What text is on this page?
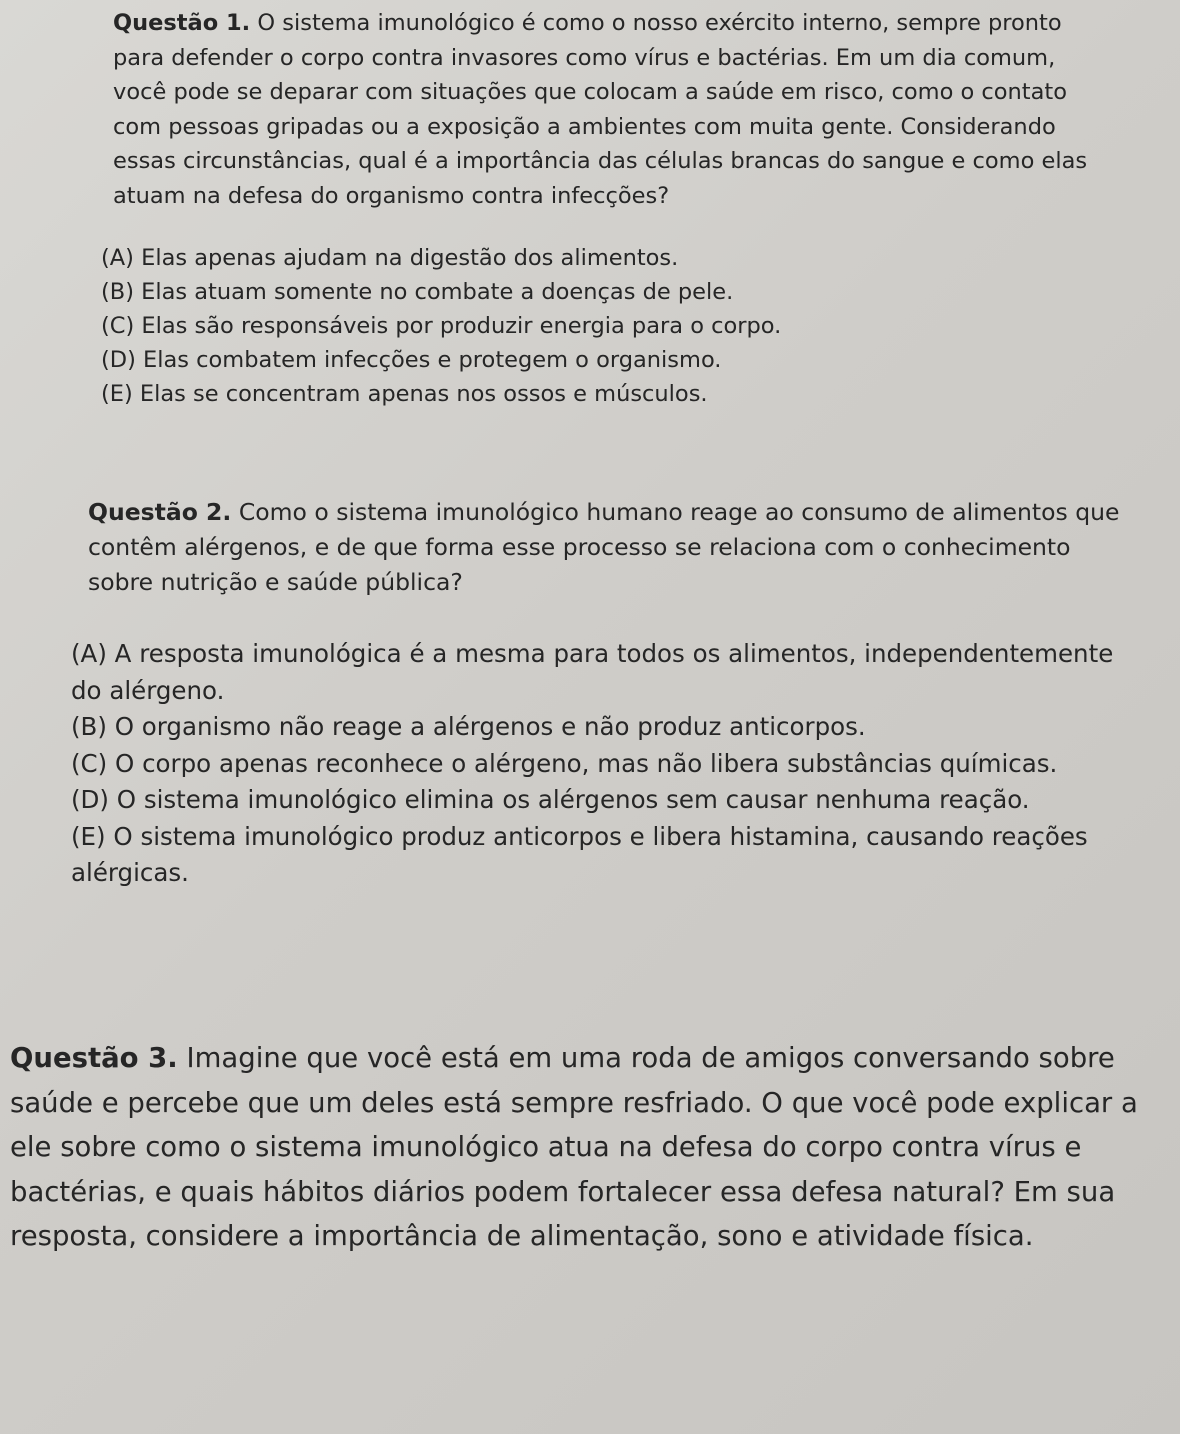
Questão 1. O sistema imunológico é como o nosso exército interno, sempre pronto para defender o corpo contra invasores como vírus e bactérias. Em um dia comum, você pode se deparar com situações que colocam a saúde em risco, como o contato com pessoas gripadas ou a exposição a ambientes com muita gente. Considerando essas circunstâncias, qual é a importância das células brancas do sangue e como elas atuam na defesa do organismo contra infecções?

(A) Elas apenas ajudam na digestão dos alimentos.
(B) Elas atuam somente no combate a doenças de pele.
(C) Elas são responsáveis por produzir energia para o corpo.
(D) Elas combatem infecções e protegem o organismo.
(E) Elas se concentram apenas nos ossos e músculos.

Questão 2. Como o sistema imunológico humano reage ao consumo de alimentos que contêm alérgenos, e de que forma esse processo se relaciona com o conhecimento sobre nutrição e saúde pública?

(A) A resposta imunológica é a mesma para todos os alimentos, independentemente do alérgeno.
(B) O organismo não reage a alérgenos e não produz anticorpos.
(C) O corpo apenas reconhece o alérgeno, mas não libera substâncias químicas.
(D) O sistema imunológico elimina os alérgenos sem causar nenhuma reação.
(E) O sistema imunológico produz anticorpos e libera histamina, causando reações alérgicas.

Questão 3. Imagine que você está em uma roda de amigos conversando sobre saúde e percebe que um deles está sempre resfriado. O que você pode explicar a ele sobre como o sistema imunológico atua na defesa do corpo contra vírus e bactérias, e quais hábitos diários podem fortalecer essa defesa natural? Em sua resposta, considere a importância de alimentação, sono e atividade física.
